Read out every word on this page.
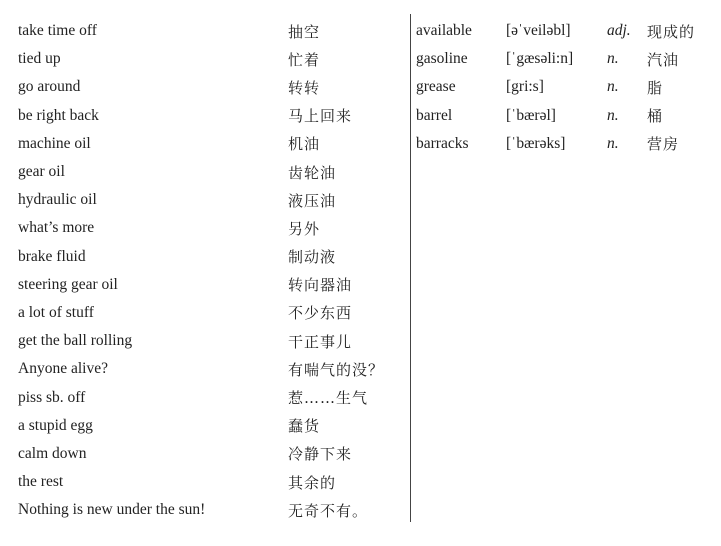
take time off	抽空
tied up	忙着
go around	转转
be right back	马上回来
machine oil	机油
gear oil	齿轮油
hydraulic oil	液压油
what’s more	另外
brake fluid	制动液
steering gear oil	转向器油
a lot of stuff	不少东西
get the ball rolling	干正事儿
Anyone alive?	有喘气的没？
piss sb. off	惹……生气
a stupid egg	蠢货
calm down	冷静下来
the rest	其余的
Nothing is new under the sun!	无奇不有。
available	[əˈveiləbl]	adj.	现成的
gasoline	[ˈgæsəli:n]	n.	汽油
grease	[gri:s]	n.	脂
barrel	[ˈbærəl]	n.	桶
barracks	[ˈbærəks]	n.	营房
